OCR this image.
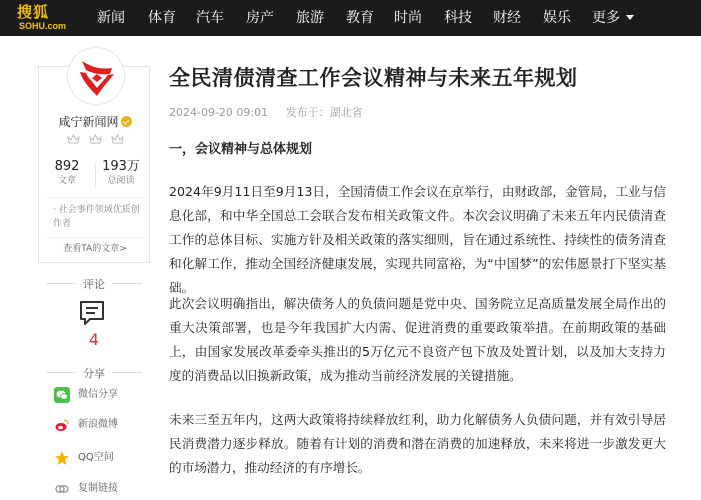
搜狐
SOHU.com 新闻 体育 汽车 房产 旅游 教育 时尚 科技 财经 娱乐 更多
咸宁新闻网
892
文章
193万
总阅读
· 社会事件领域优质创作者
查看TA的文章>
评论
4
分享
微信分享
新浪微博
QQ空间
复制链接
全民清债清查工作会议精神与未来五年规划
2024-09-20 09:01 发布于：湖北省
一，会议精神与总体规划

2024年9月11日至9月13日，全国清债工作会议在京举行，由财政部，金管局，工业与信息化部，和中华全国总工会联合发布相关政策文件。本次会议明确了未来五年内民债清查工作的总体目标、实施方针及相关政策的落实细则，旨在通过系统性、持续性的债务清查和化解工作，推动全国经济健康发展，实现共同富裕，为“中国梦”的宏伟愿景打下坚实基础。

此次会议明确指出，解决债务人的负债问题是党中央、国务院立足高质量发展全局作出的重大决策部署，也是今年我国扩大内需、促进消费的重要政策举措。在前期政策的基础上，由国家发展改革委牵头推出的5万亿元不良资产包下放及处置计划，以及加大支持力度的消费品以旧换新政策，成为推动当前经济发展的关键措施。

未来三至五年内，这两大政策将持续释放红利，助力化解债务人负债问题，并有效引导居民消费潜力逐步释放。随着有计划的消费和潜在消费的加速释放，未来将进一步激发更大的市场潜力，推动经济的有序增长。
